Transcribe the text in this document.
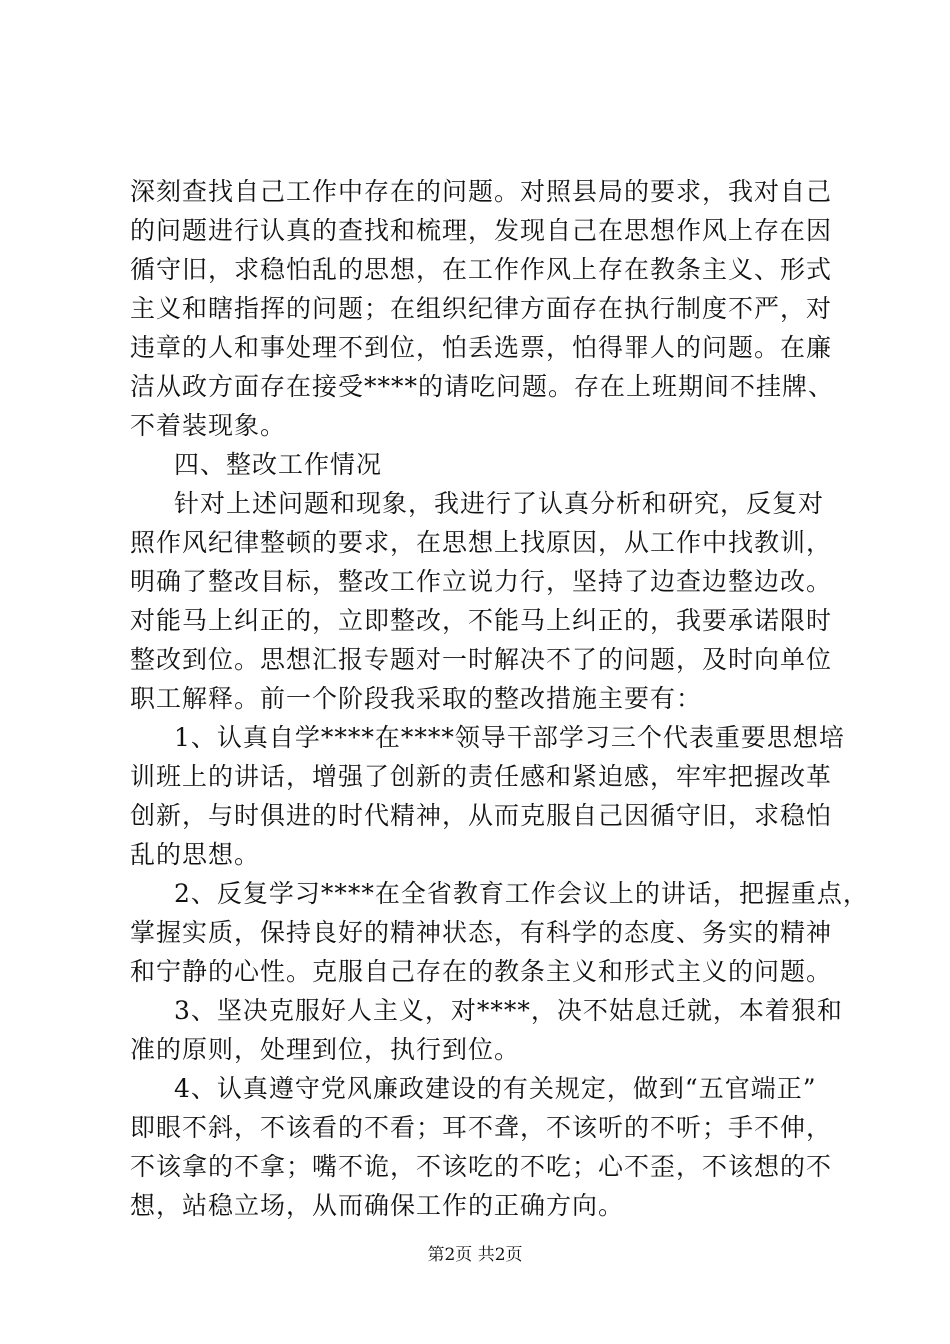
深刻查找自己工作中存在的问题。对照县局的要求，我对自己
的问题进行认真的查找和梳理，发现自己在思想作风上存在因
循守旧，求稳怕乱的思想，在工作作风上存在教条主义、形式
主义和瞎指挥的问题；在组织纪律方面存在执行制度不严，对
违章的人和事处理不到位，怕丢选票，怕得罪人的问题。在廉
洁从政方面存在接受****的请吃问题。存在上班期间不挂牌、
不着装现象。
四、整改工作情况
针对上述问题和现象，我进行了认真分析和研究，反复对
照作风纪律整顿的要求，在思想上找原因，从工作中找教训，
明确了整改目标，整改工作立说力行，坚持了边查边整边改。
对能马上纠正的，立即整改，不能马上纠正的，我要承诺限时
整改到位。思想汇报专题对一时解决不了的问题，及时向单位
职工解释。前一个阶段我采取的整改措施主要有：
1、认真自学****在****领导干部学习三个代表重要思想培
训班上的讲话，增强了创新的责任感和紧迫感，牢牢把握改革
创新，与时俱进的时代精神，从而克服自己因循守旧，求稳怕
乱的思想。
2、反复学习****在全省教育工作会议上的讲话，把握重点，
掌握实质，保持良好的精神状态，有科学的态度、务实的精神
和宁静的心性。克服自己存在的教条主义和形式主义的问题。
3、坚决克服好人主义，对****，决不姑息迁就，本着狠和
准的原则，处理到位，执行到位。
4、认真遵守党风廉政建设的有关规定，做到“五官端正”
即眼不斜，不该看的不看；耳不聋，不该听的不听；手不伸，
不该拿的不拿；嘴不诡，不该吃的不吃；心不歪，不该想的不
想，站稳立场，从而确保工作的正确方向。
第2页 共2页
